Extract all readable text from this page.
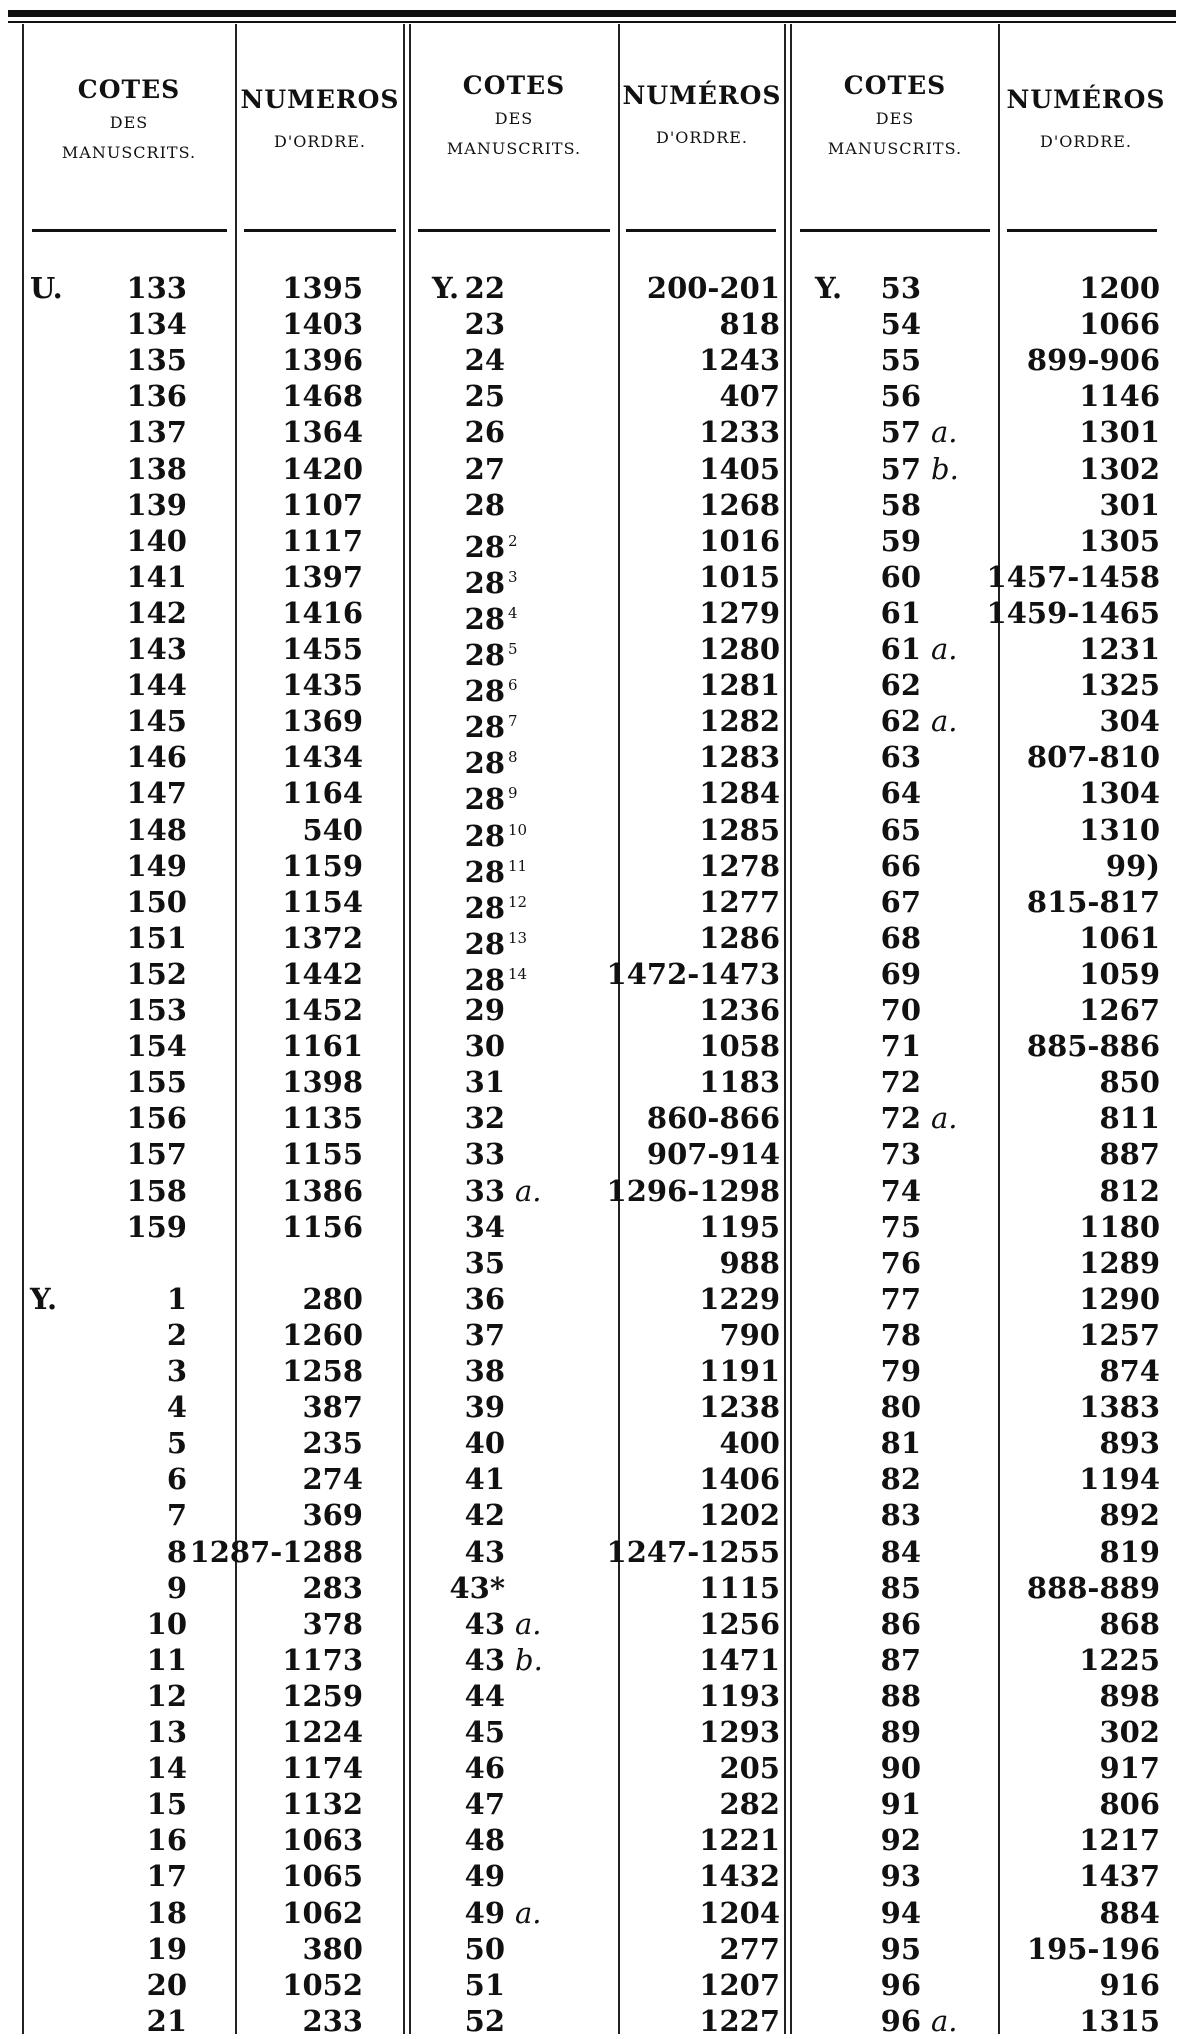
COTES
DES
MANUSCRITS.
NUMEROS
D'ORDRE.
COTES
DES
MANUSCRITS.
NUMÉROS
D'ORDRE.
COTES
DES
MANUSCRITS.
NUMÉROS
D'ORDRE.
U.	133	1395
134	1403
135	1396
136	1468
137	1364
138	1420
139	1107
140	1117
141	1397
142	1416
143	1455
144	1435
145	1369
146	1434
147	1164
148	540
149	1159
150	1154
151	1372
152	1442
153	1452
154	1161
155	1398
156	1135
157	1155
158	1386
159	1156
Y.	1	280
2	1260
3	1258
4	387
5	235
6	274
7	369
8 1287-1288
9	283
10	378
11	1173
12	1259
13	1224
14	1174
15	1132
16	1063
17	1065
18	1062
19	380
20	1052
21	233
Y. 22	200-201
23	818
24	1243
25	407
26	1233
27	1405
28	1268
28 $^2$	1016
28 $^3$	1015
28 $^4$	1279
28 $^5$	1280
28 $^6$	1281
28 $^7$	1282
28 $^8$	1283
28 $^9$	1284
28 $^{10}$	1285
28 $^{11}$	1278
28 $^{12}$	1277
28 $^{13}$	1286
28 $^{14}$	1472-1473
29	1236
30	1058
31	1183
32	860-866
33	907-914
33 a.	1296-1298
34	1195
35	988
36	1229
37	790
38	1191
39	1238
40	400
41	1406
42	1202
43	1247-1255
43*	1115
43 a.	1256
43 b.	1471
44	1193
45	1293
46	205
47	282
48	1221
49	1432
49 a.	1204
50	277
51	1207
52	1227
Y.	53	1200
54	1066
55	899-906
56	1146
57 a.	1301
57 b.	1302
58	301
59	1305
60	1457-1458
61	1459-1465
61 a.	1231
62	1325
62 a.	304
63	807-810
64	1304
65	1310
66	99)
67	815-817
68	1061
69	1059
70	1267
71	885-886
72	850
72 a.	811
73	887
74	812
75	1180
76	1289
77	1290
78	1257
79	874
80	1383
81	893
82	1194
83	892
84	819
85	888-889
86	868
87	1225
88	898
89	302
90	917
91	806
92	1217
93	1437
94	884
95	195-196
96	916
96 a.	1315
